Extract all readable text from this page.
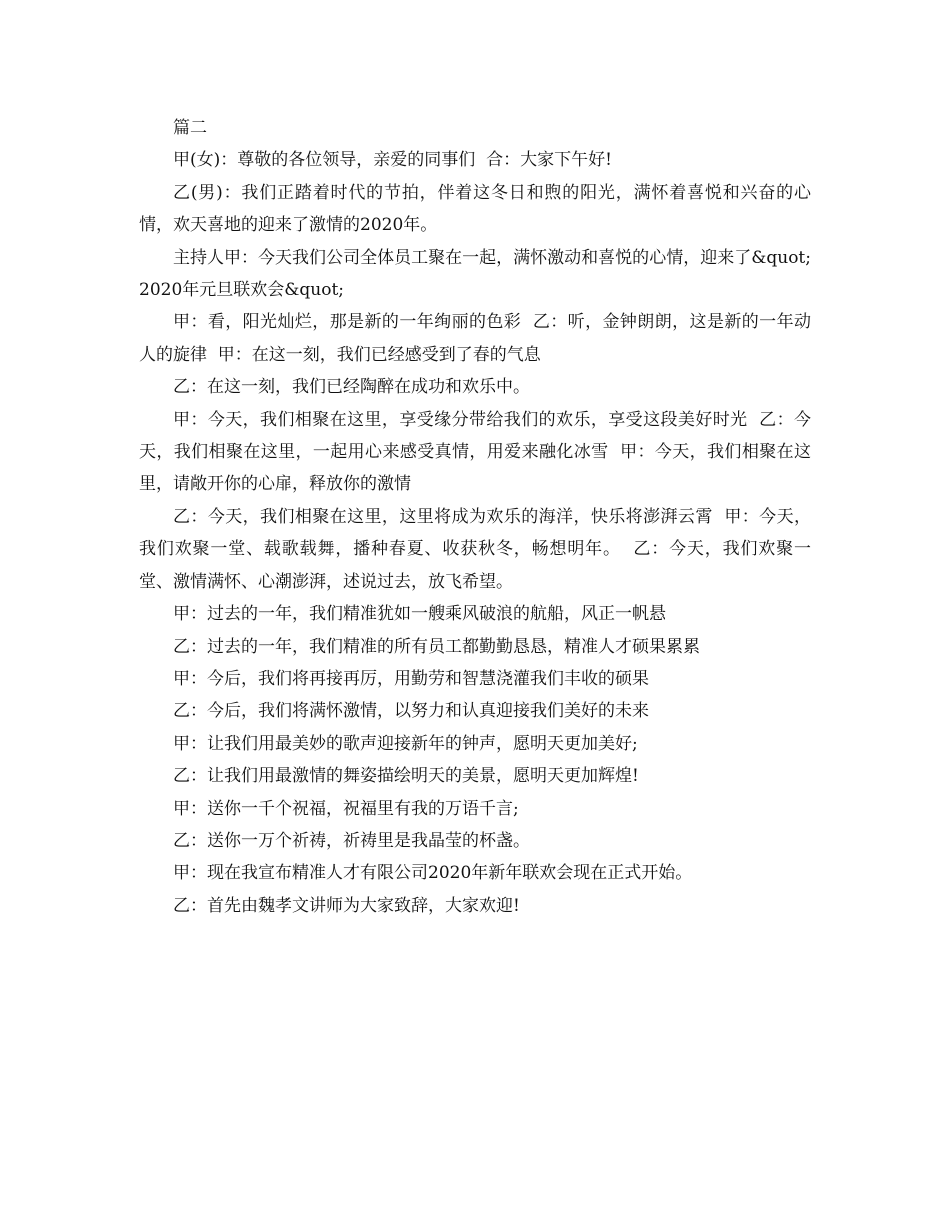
篇二

甲(女)：尊敬的各位领导，亲爱的同事们  合：大家下午好!

乙(男)：我们正踏着时代的节拍，伴着这冬日和煦的阳光，满怀着喜悦和兴奋的心情，欢天喜地的迎来了激情的2020年。

主持人甲：今天我们公司全体员工聚在一起，满怀激动和喜悦的心情，迎来了&quot;2020年元旦联欢会&quot;

甲：看，阳光灿烂，那是新的一年绚丽的色彩  乙：听，金钟朗朗，这是新的一年动人的旋律  甲：在这一刻，我们已经感受到了春的气息

乙：在这一刻，我们已经陶醉在成功和欢乐中。

甲：今天，我们相聚在这里，享受缘分带给我们的欢乐，享受这段美好时光  乙：今天，我们相聚在这里，一起用心来感受真情，用爱来融化冰雪  甲：今天，我们相聚在这里，请敞开你的心扉，释放你的激情

乙：今天，我们相聚在这里，这里将成为欢乐的海洋，快乐将澎湃云霄  甲：今天，我们欢聚一堂、载歌载舞，播种春夏、收获秋冬，畅想明年。  乙：今天，我们欢聚一堂、激情满怀、心潮澎湃，述说过去，放飞希望。

甲：过去的一年，我们精准犹如一艘乘风破浪的航船，风正一帆悬

乙：过去的一年，我们精准的所有员工都勤勤恳恳，精准人才硕果累累

甲：今后，我们将再接再厉，用勤劳和智慧浇灌我们丰收的硕果

乙：今后，我们将满怀激情，以努力和认真迎接我们美好的未来

甲：让我们用最美妙的歌声迎接新年的钟声，愿明天更加美好;

乙：让我们用最激情的舞姿描绘明天的美景，愿明天更加辉煌!

甲：送你一千个祝福，祝福里有我的万语千言;

乙：送你一万个祈祷，祈祷里是我晶莹的杯盏。

甲：现在我宣布精准人才有限公司2020年新年联欢会现在正式开始。

乙：首先由魏孝文讲师为大家致辞，大家欢迎!
